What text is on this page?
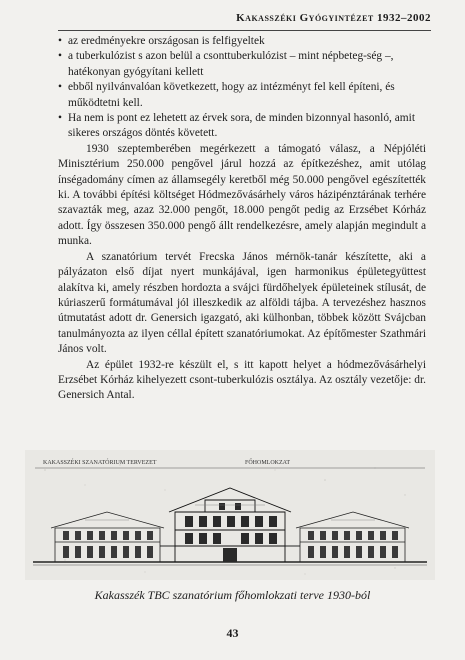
Kakasszéki Gyógyintézet 1932–2002
• az eredményekre országosan is felfigyeltek
• a tuberkulózist s azon belül a csonttuberkulózist – mint népbeteg-ség –, hatékonyan gyógyítani kellett
• ebből nyilvánvalóan következett, hogy az intézményt fel kell építeni, és működtetni kell.
• Ha nem is pont ez lehetett az érvek sora, de minden bizonnyal hasonló, amit sikeres országos döntés követett.

1930 szeptemberében megérkezett a támogató válasz, a Népjóléti Minisztérium 250.000 pengővel járul hozzá az építkezéshez, amit utólag ínségadomány címen az államsegély keretből még 50.000 pengővel egészítették ki. A további építési költséget Hódmezővásárhely város házipénztárának terhére szavazták meg, azaz 32.000 pengőt, 18.000 pengőt pedig az Erzsébet Kórház adott. Így összesen 350.000 pengő állt rendelkezésre, amely alapján megindult a munka.

A szanatórium tervét Frecska János mérnök-tanár készítette, aki a pályázaton első díjat nyert munkájával, igen harmonikus épületegyüttest alakítva ki, amely részben hordozta a svájci fürdőhelyek épületeinek stílusát, de kúriaszerű formátumával jól illeszkedik az alföldi tájba. A tervezéshez hasznos útmutatást adott dr. Genersich igazgató, aki külhonban, többek között Svájcban tanulmányozta az ilyen céllal épített szanatóriumokat. Az építőmester Szathmári János volt.

Az épület 1932-re készült el, s itt kapott helyet a hódmezővásárhelyi Erzsébet Kórház kihelyezett csont-tuberkulózis osztálya. Az osztály vezetője: dr. Genersich Antal.

KAKASSZÉKI SZANATÓRIUM TERVEZET	FŐHOMLOKZAT
Kakasszék TBC szanatórium főhomlokzati terve 1930-ból
43
